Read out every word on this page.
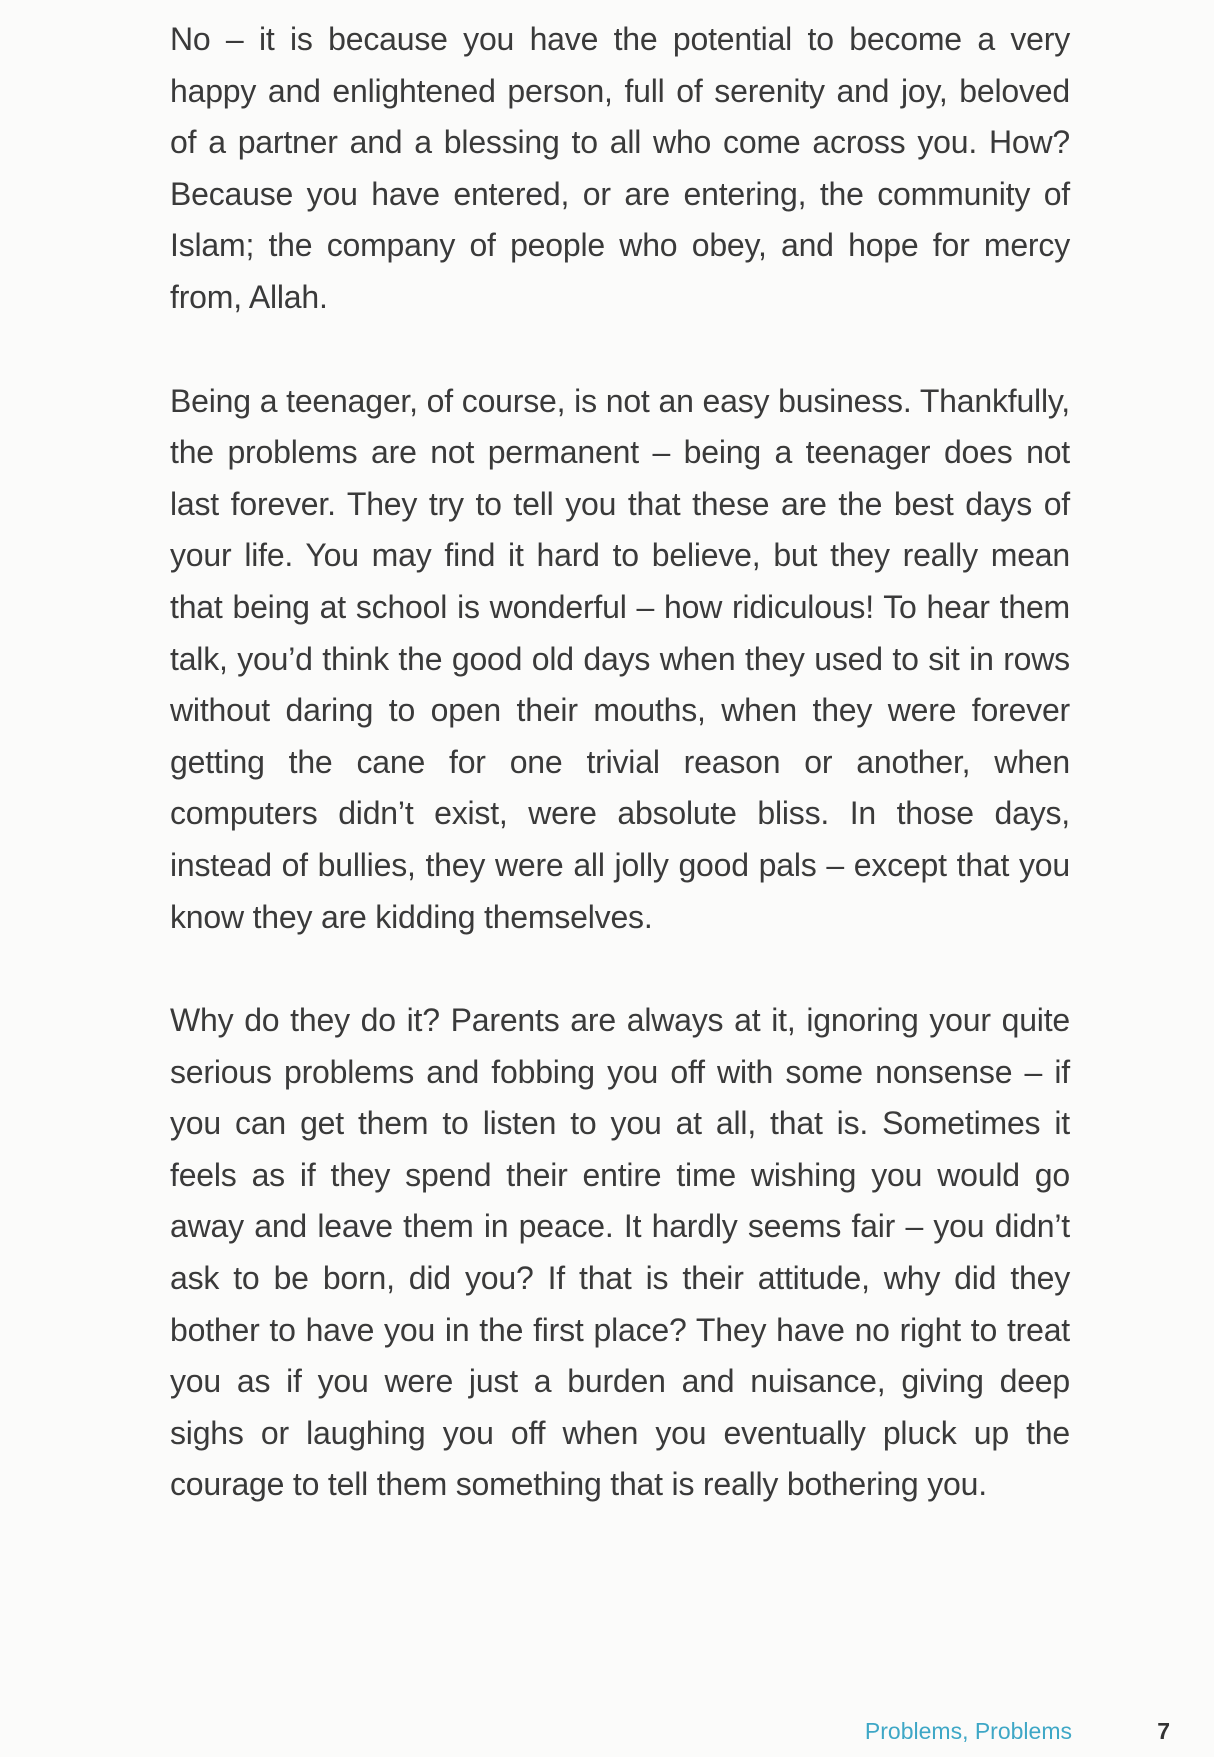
No – it is because you have the potential to become a very happy and enlightened person, full of serenity and joy, beloved of a partner and a blessing to all who come across you. How? Because you have entered, or are entering, the community of Islam; the company of people who obey, and hope for mercy from, Allah.

Being a teenager, of course, is not an easy business. Thankfully, the problems are not permanent – being a teenager does not last forever. They try to tell you that these are the best days of your life. You may find it hard to believe, but they really mean that being at school is wonderful – how ridiculous! To hear them talk, you’d think the good old days when they used to sit in rows without daring to open their mouths, when they were forever getting the cane for one trivial reason or another, when computers didn’t exist, were absolute bliss. In those days, instead of bullies, they were all jolly good pals – except that you know they are kidding themselves.

Why do they do it? Parents are always at it, ignoring your quite serious problems and fobbing you off with some nonsense – if you can get them to listen to you at all, that is. Sometimes it feels as if they spend their entire time wishing you would go away and leave them in peace. It hardly seems fair – you didn’t ask to be born, did you? If that is their attitude, why did they bother to have you in the first place? They have no right to treat you as if you were just a burden and nuisance, giving deep sighs or laughing you off when you eventually pluck up the courage to tell them something that is really bothering you.

Problems, Problems	7
